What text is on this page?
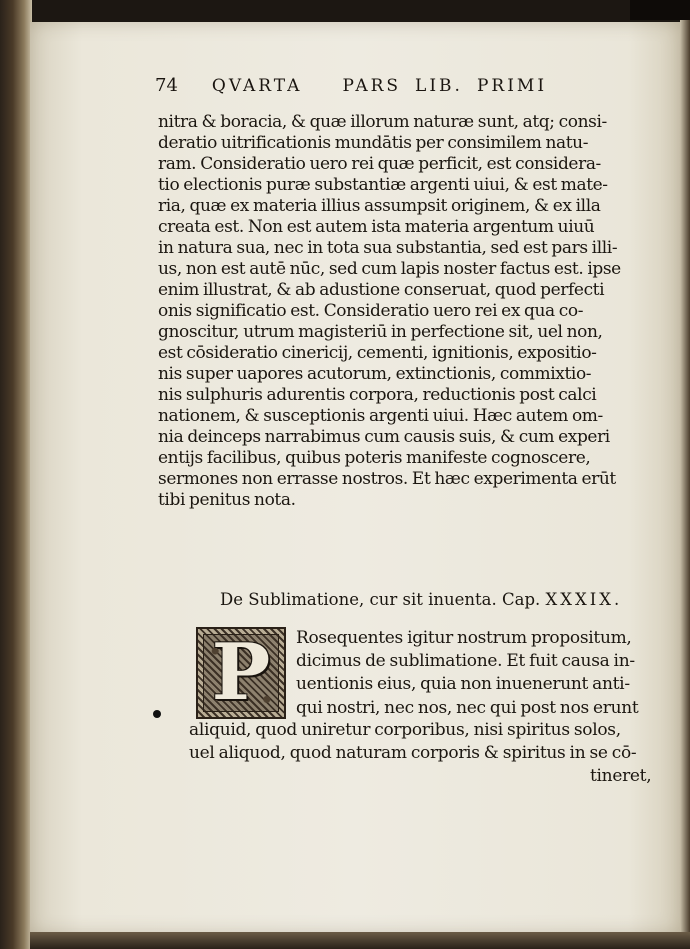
74 QVARTA PARS LIB. PRIMI
nitra & boracia, & quæ illorum naturæ sunt, atq; consi-
deratio uitrificationis mundātis per consimilem natu-
ram. Consideratio uero rei quæ perficit, est considera-
tio electionis puræ substantiæ argenti uiui, & est mate-
ria, quæ ex materia illius assumpsit originem, & ex illa
creata est. Non est autem ista materia argentum uiuū
in natura sua, nec in tota sua substantia, sed est pars illi-
us, non est autē nūc, sed cum lapis noster factus est. ipse
enim illustrat, & ab adustione conseruat, quod perfecti
onis significatio est. Consideratio uero rei ex qua co-
gnoscitur, utrum magisteriū in perfectione sit, uel non,
est cōsideratio cinericij, cementi, ignitionis, expositio-
nis super uapores acutorum, extinctionis, commixtio-
nis sulphuris adurentis corpora, reductionis post calci
nationem, & susceptionis argenti uiui. Hæc autem om-
nia deinceps narrabimus cum causis suis, & cum experi
entijs facilibus, quibus poteris manifeste cognoscere,
sermones non errasse nostros. Et hæc experimenta erūt
tibi penitus nota.
De Sublimatione, cur sit inuenta. Cap. XXXIX.
P	Rosequentes igitur nostrum propositum,
dicimus de sublimatione. Et fuit causa in-
uentionis eius, quia non inuenerunt anti-
qui nostri, nec nos, nec qui post nos erunt
aliquid, quod uniretur corporibus, nisi spiritus solos,
uel aliquod, quod naturam corporis & spiritus in se cō-
tineret,
